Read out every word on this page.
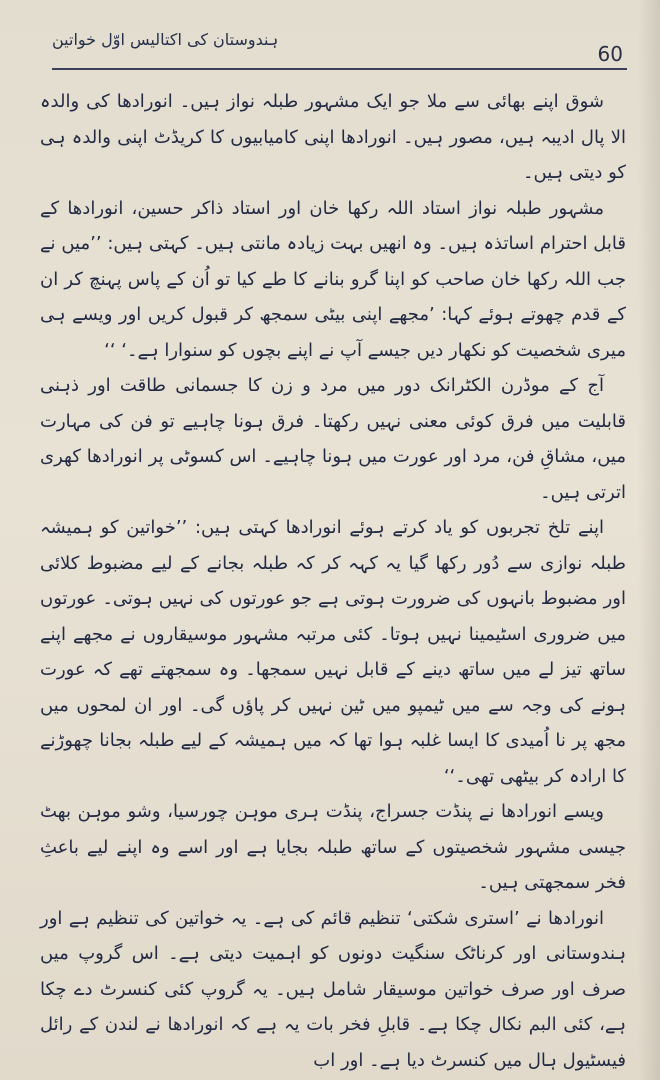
ہندوستان کی اکتالیس اوّل خواتین
60

شوق اپنے بھائی سے ملا جو ایک مشہور طبلہ نواز ہیں۔ انورادھا کی والدہ الا پال ادیبہ ہیں، مصور ہیں۔ انورادھا اپنی کامیابیوں کا کریڈٹ اپنی والدہ ہی کو دیتی ہیں۔

مشہور طبلہ نواز استاد اللہ رکھا خان اور استاد ذاکر حسین، انورادھا کے قابل احترام اساتذہ ہیں۔ وہ انھیں بہت زیادہ مانتی ہیں۔ کہتی ہیں: ’’میں نے جب اللہ رکھا خان صاحب کو اپنا گرو بنانے کا طے کیا تو اُن کے پاس پہنچ کر ان کے قدم چھوتے ہوئے کہا: ’مجھے اپنی بیٹی سمجھ کر قبول کریں اور ویسے ہی میری شخصیت کو نکھار دیں جیسے آپ نے اپنے بچوں کو سنوارا ہے۔‘ ‘‘

آج کے موڈرن الکٹرانک دور میں مرد و زن کا جسمانی طاقت اور ذہنی قابلیت میں فرق کوئی معنی نہیں رکھتا۔ فرق ہونا چاہیے تو فن کی مہارت میں، مشاقِ فن، مرد اور عورت میں ہونا چاہیے۔ اس کسوٹی پر انورادھا کھری اترتی ہیں۔

اپنے تلخ تجربوں کو یاد کرتے ہوئے انورادھا کہتی ہیں: ’’خواتین کو ہمیشہ طبلہ نوازی سے دُور رکھا گیا یہ کہہ کر کہ طبلہ بجانے کے لیے مضبوط کلائی اور مضبوط بانہوں کی ضرورت ہوتی ہے جو عورتوں کی نہیں ہوتی۔ عورتوں میں ضروری اسٹیمینا نہیں ہوتا۔ کئی مرتبہ مشہور موسیقاروں نے مجھے اپنے ساتھ تیز لے میں ساتھ دینے کے قابل نہیں سمجھا۔ وہ سمجھتے تھے کہ عورت ہونے کی وجہ سے میں ٹیمپو میں ٹین نہیں کر پاؤں گی۔ اور ان لمحوں میں مجھ پر نا اُمیدی کا ایسا غلبہ ہوا تھا کہ میں ہمیشہ کے لیے طبلہ بجانا چھوڑنے کا ارادہ کر بیٹھی تھی۔‘‘

ویسے انورادھا نے پنڈت جسراج، پنڈت ہری موہن چورسیا، وشو موہن بھٹ جیسی مشہور شخصیتوں کے ساتھ طبلہ بجایا ہے اور اسے وہ اپنے لیے باعثِ فخر سمجھتی ہیں۔

انورادھا نے ’استری شکتی‘ تنظیم قائم کی ہے۔ یہ خواتین کی تنظیم ہے اور ہندوستانی اور کرناٹک سنگیت دونوں کو اہمیت دیتی ہے۔ اس گروپ میں صرف اور صرف خواتین موسیقار شامل ہیں۔ یہ گروپ کئی کنسرٹ دے چکا ہے، کئی البم نکال چکا ہے۔ قابلِ فخر بات یہ ہے کہ انورادھا نے لندن کے رائل فیسٹیول ہال میں کنسرٹ دیا ہے۔ اور اب
